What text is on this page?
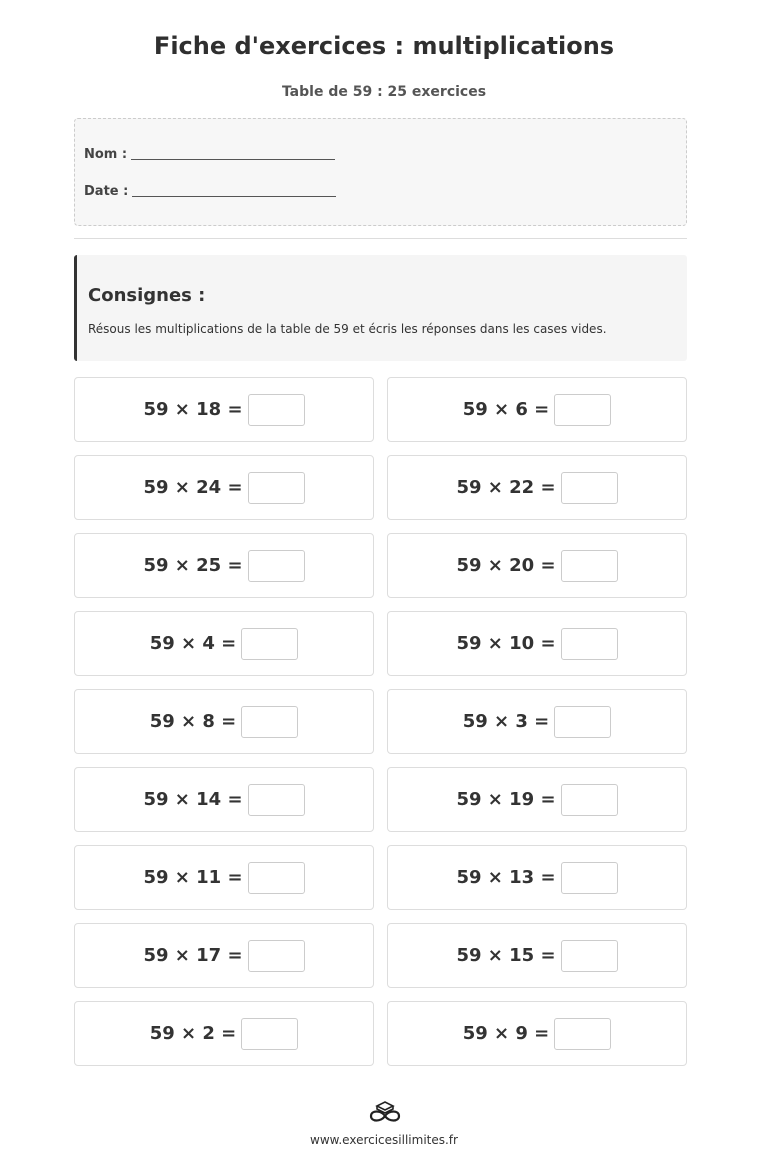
Fiche d'exercices : multiplications
Table de 59 : 25 exercices
Nom :
Date :
Consignes :
Résous les multiplications de la table de 59 et écris les réponses dans les cases vides.
59 × 18 =	59 × 6 =
59 × 24 =	59 × 22 =
59 × 25 =	59 × 20 =
59 × 4 =	59 × 10 =
59 × 8 =	59 × 3 =
59 × 14 =	59 × 19 =
59 × 11 =	59 × 13 =
59 × 17 =	59 × 15 =
59 × 2 =	59 × 9 =
www.exercicesillimites.fr
